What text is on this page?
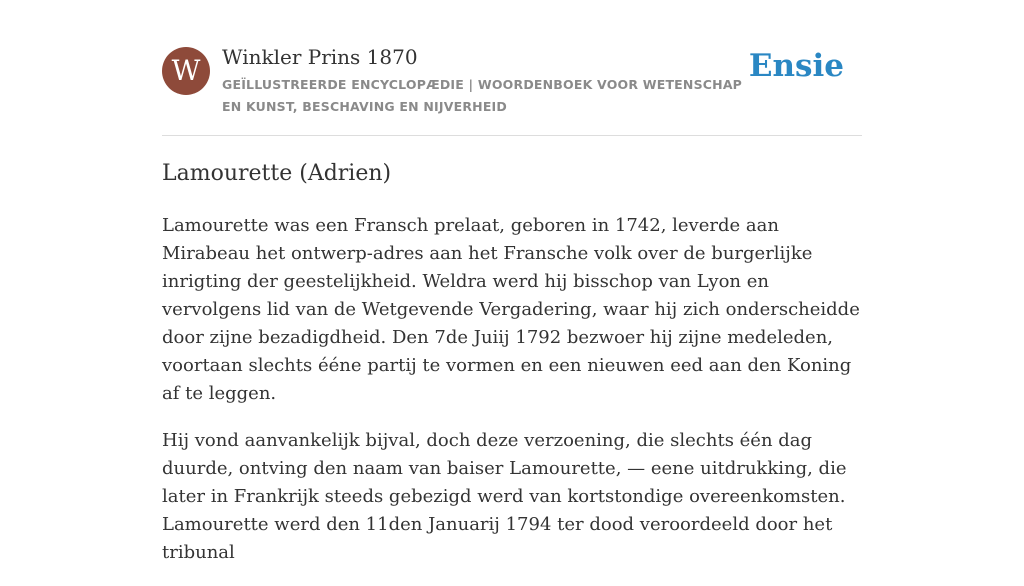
W	Winkler Prins 1870
GEÏLLUSTREERDE ENCYCLOPÆDIE | WOORDENBOEK VOOR WETENSCHAP EN KUNST, BESCHAVING EN NIJVERHEID
Ensie
Lamourette (Adrien)

Lamourette was een Fransch prelaat, geboren in 1742, leverde aan Mirabeau het ontwerp-adres aan het Fransche volk over de burgerlijke inrigting der geestelijkheid. Weldra werd hij bisschop van Lyon en vervolgens lid van de Wetgevende Vergadering, waar hij zich onderscheidde door zijne bezadigdheid. Den 7de Juiij 1792 bezwoer hij zijne medeleden, voortaan slechts éénе partij te vormen en een nieuwen eed aan den Koning af te leggen.

Hij vond aanvankelijk bijval, doch deze verzoening, die slechts één dag duurde, ontving den naam van baiser Lamourette, — eene uitdrukking, die later in Frankrijk steeds gebezigd werd van kortstondige overeenkomsten. Lamourette werd den 11den Januarij 1794 ter dood veroordeeld door het tribunal
